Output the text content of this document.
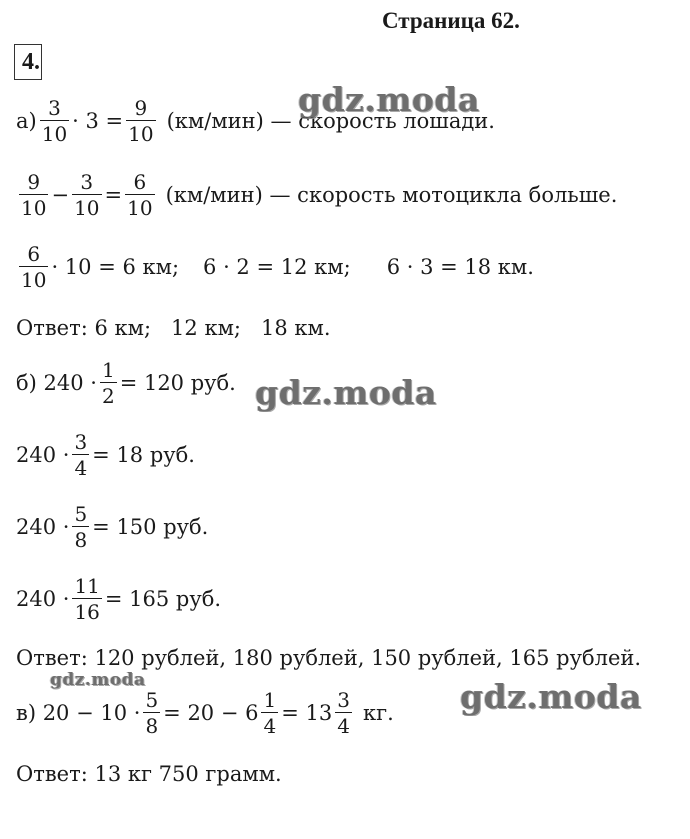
Страница 62.
4.
$а) \frac{3}{10} \cdot 3 = \frac{9}{10} (км/мин)$ — скорость лошади.
$\frac{9}{10} - \frac{3}{10} = \frac{6}{10} (км/мин)$ — скорость мотоцикла больше.
$\frac{6}{10} \cdot 10 = 6$ км; 6 · 2 = 12 км; 6 · 3 = 18 км.
Ответ: 6 км;   12 км;   18 км.
б) $240 \cdot \frac{1}{2} = 120$ руб.
$240 \cdot \frac{3}{4} = 18$ руб.
$240 \cdot \frac{5}{8} = 150$ руб.
$240 \cdot \frac{11}{16} = 165$ руб.
Ответ: 120 рублей, 180 рублей, 150 рублей, 165 рублей.
в) $20 - 10 \cdot \frac{5}{8} = 20 - 6 \frac{1}{4} = 13 \frac{3}{4}$ кг.
Ответ: 13 кг 750 грамм.
gdz.moda
gdz.moda
gdz.moda	gdz.moda
